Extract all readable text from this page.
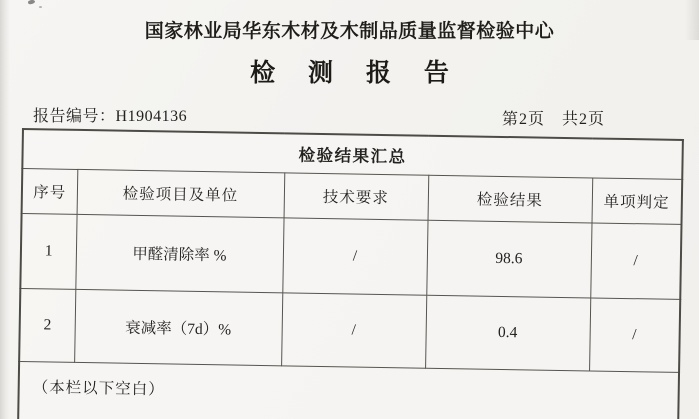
国家林业局华东木材及木制品质量监督检验中心
检 测 报 告
报告编号：H1904136	第2页　共2页
检验结果汇总				
序号	检验项目及单位	技术要求	检验结果	单项判定
1	甲醛清除率 %	/	98.6	/
2	衰减率（7d）%	/	0.4	/
（本栏以下空白）				
